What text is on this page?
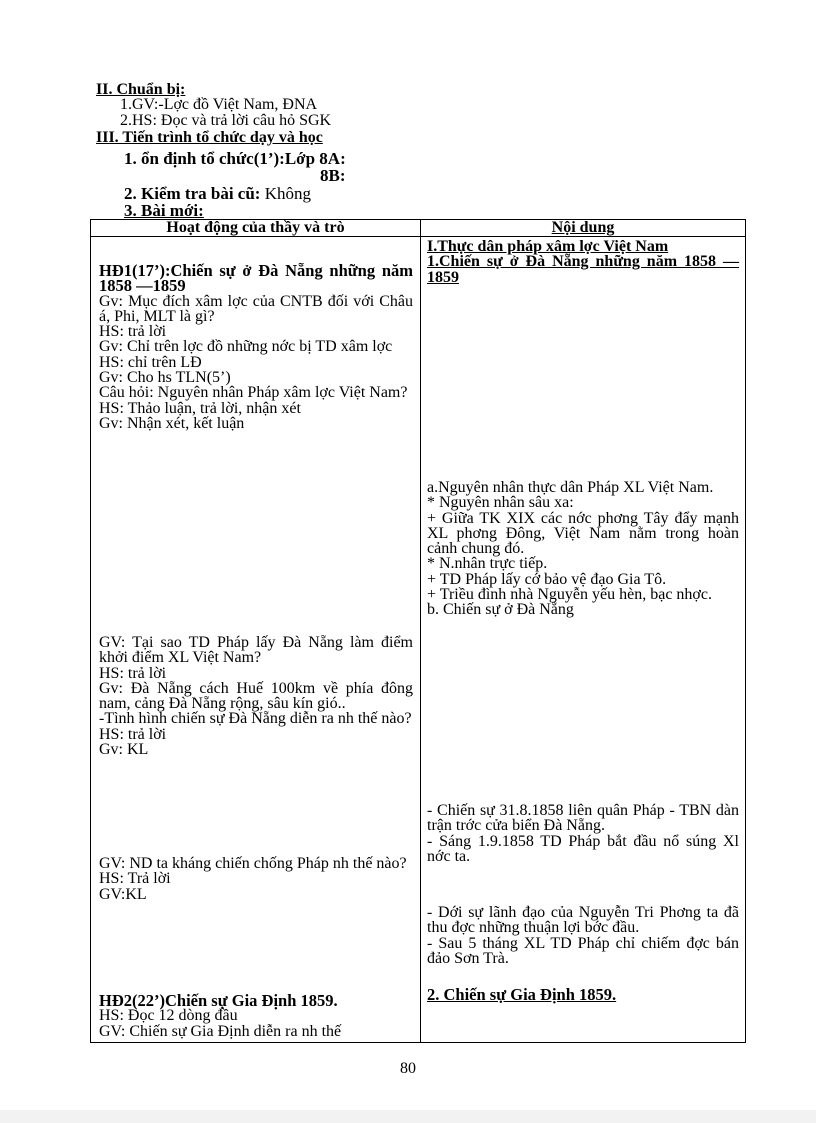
II. Chuẩn bị:
1.GV:-Lợc đồ Việt Nam, ĐNA
2.HS: Đọc và trả lời câu hỏ SGK
III. Tiến trình tổ chức dạy và học
1. ổn định tổ chức(1’):Lớp 8A:
8B:
2. Kiểm tra bài cũ: Không
3. Bài mới:
Hoạt động của thầy và trò	Nội dung

HĐ1(17’):Chiến sự ở Đà Nẵng những năm 1858 —1859

Gv: Mục đích xâm lợc của CNTB đối với Châu á, Phi, MLT là gì?

HS: trả lời

Gv: Chỉ trên lợc đồ những nớc bị TD xâm lợc

HS: chỉ trên LĐ

Gv: Cho hs TLN(5’)

Câu hỏi: Nguyên nhân Pháp xâm lợc Việt Nam?

HS: Thảo luận, trả lời, nhận xét

Gv: Nhận xét, kết luận

GV: Tại sao TD Pháp lấy Đà Nẵng làm điểm khởi điểm XL Việt Nam?

HS: trả lời

Gv: Đà Nẵng cách Huế 100km về phía đông nam, cảng Đà Nẵng rộng, sâu kín gió..

-Tình hình chiến sự Đà Nẵng diễn ra nh thế nào?

HS: trả lời

Gv: KL

GV: ND ta kháng chiến chống Pháp nh thế nào?

HS: Trả lời

GV:KL

HĐ2(22’)Chiến sự Gia Định 1859.

HS: Đọc 12 dòng đầu

GV: Chiến sự Gia Định diễn ra nh thế

I.Thực dân pháp xâm lợc Việt Nam

1.Chiến sự ở Đà Nẵng những năm 1858 —1859

a.Nguyên nhân thực dân Pháp XL Việt Nam.

* Nguyên nhân sâu xa:

+ Giữa TK XIX các nớc phơng Tây đẩy mạnh XL phơng Đông, Việt Nam nằm trong hoàn cảnh chung đó.

* N.nhân trực tiếp.

+ TD Pháp lấy cớ bảo vệ đạo Gia Tô.

+ Triều đình nhà Nguyễn yếu hèn, bạc nhợc.

b. Chiến sự ở Đà Nẵng

- Chiến sự 31.8.1858 liên quân Pháp - TBN dàn trận trớc cửa biển Đà Nẵng.

- Sáng 1.9.1858 TD Pháp bắt đầu nổ súng Xl nớc ta.

- Dới sự lãnh đạo của Nguyễn Tri Phơng ta đã thu đợc những thuận lợi bớc đầu.

- Sau 5 tháng XL TD Pháp chỉ chiếm đợc bán đảo Sơn Trà.

2. Chiến sự Gia Định 1859.

80
